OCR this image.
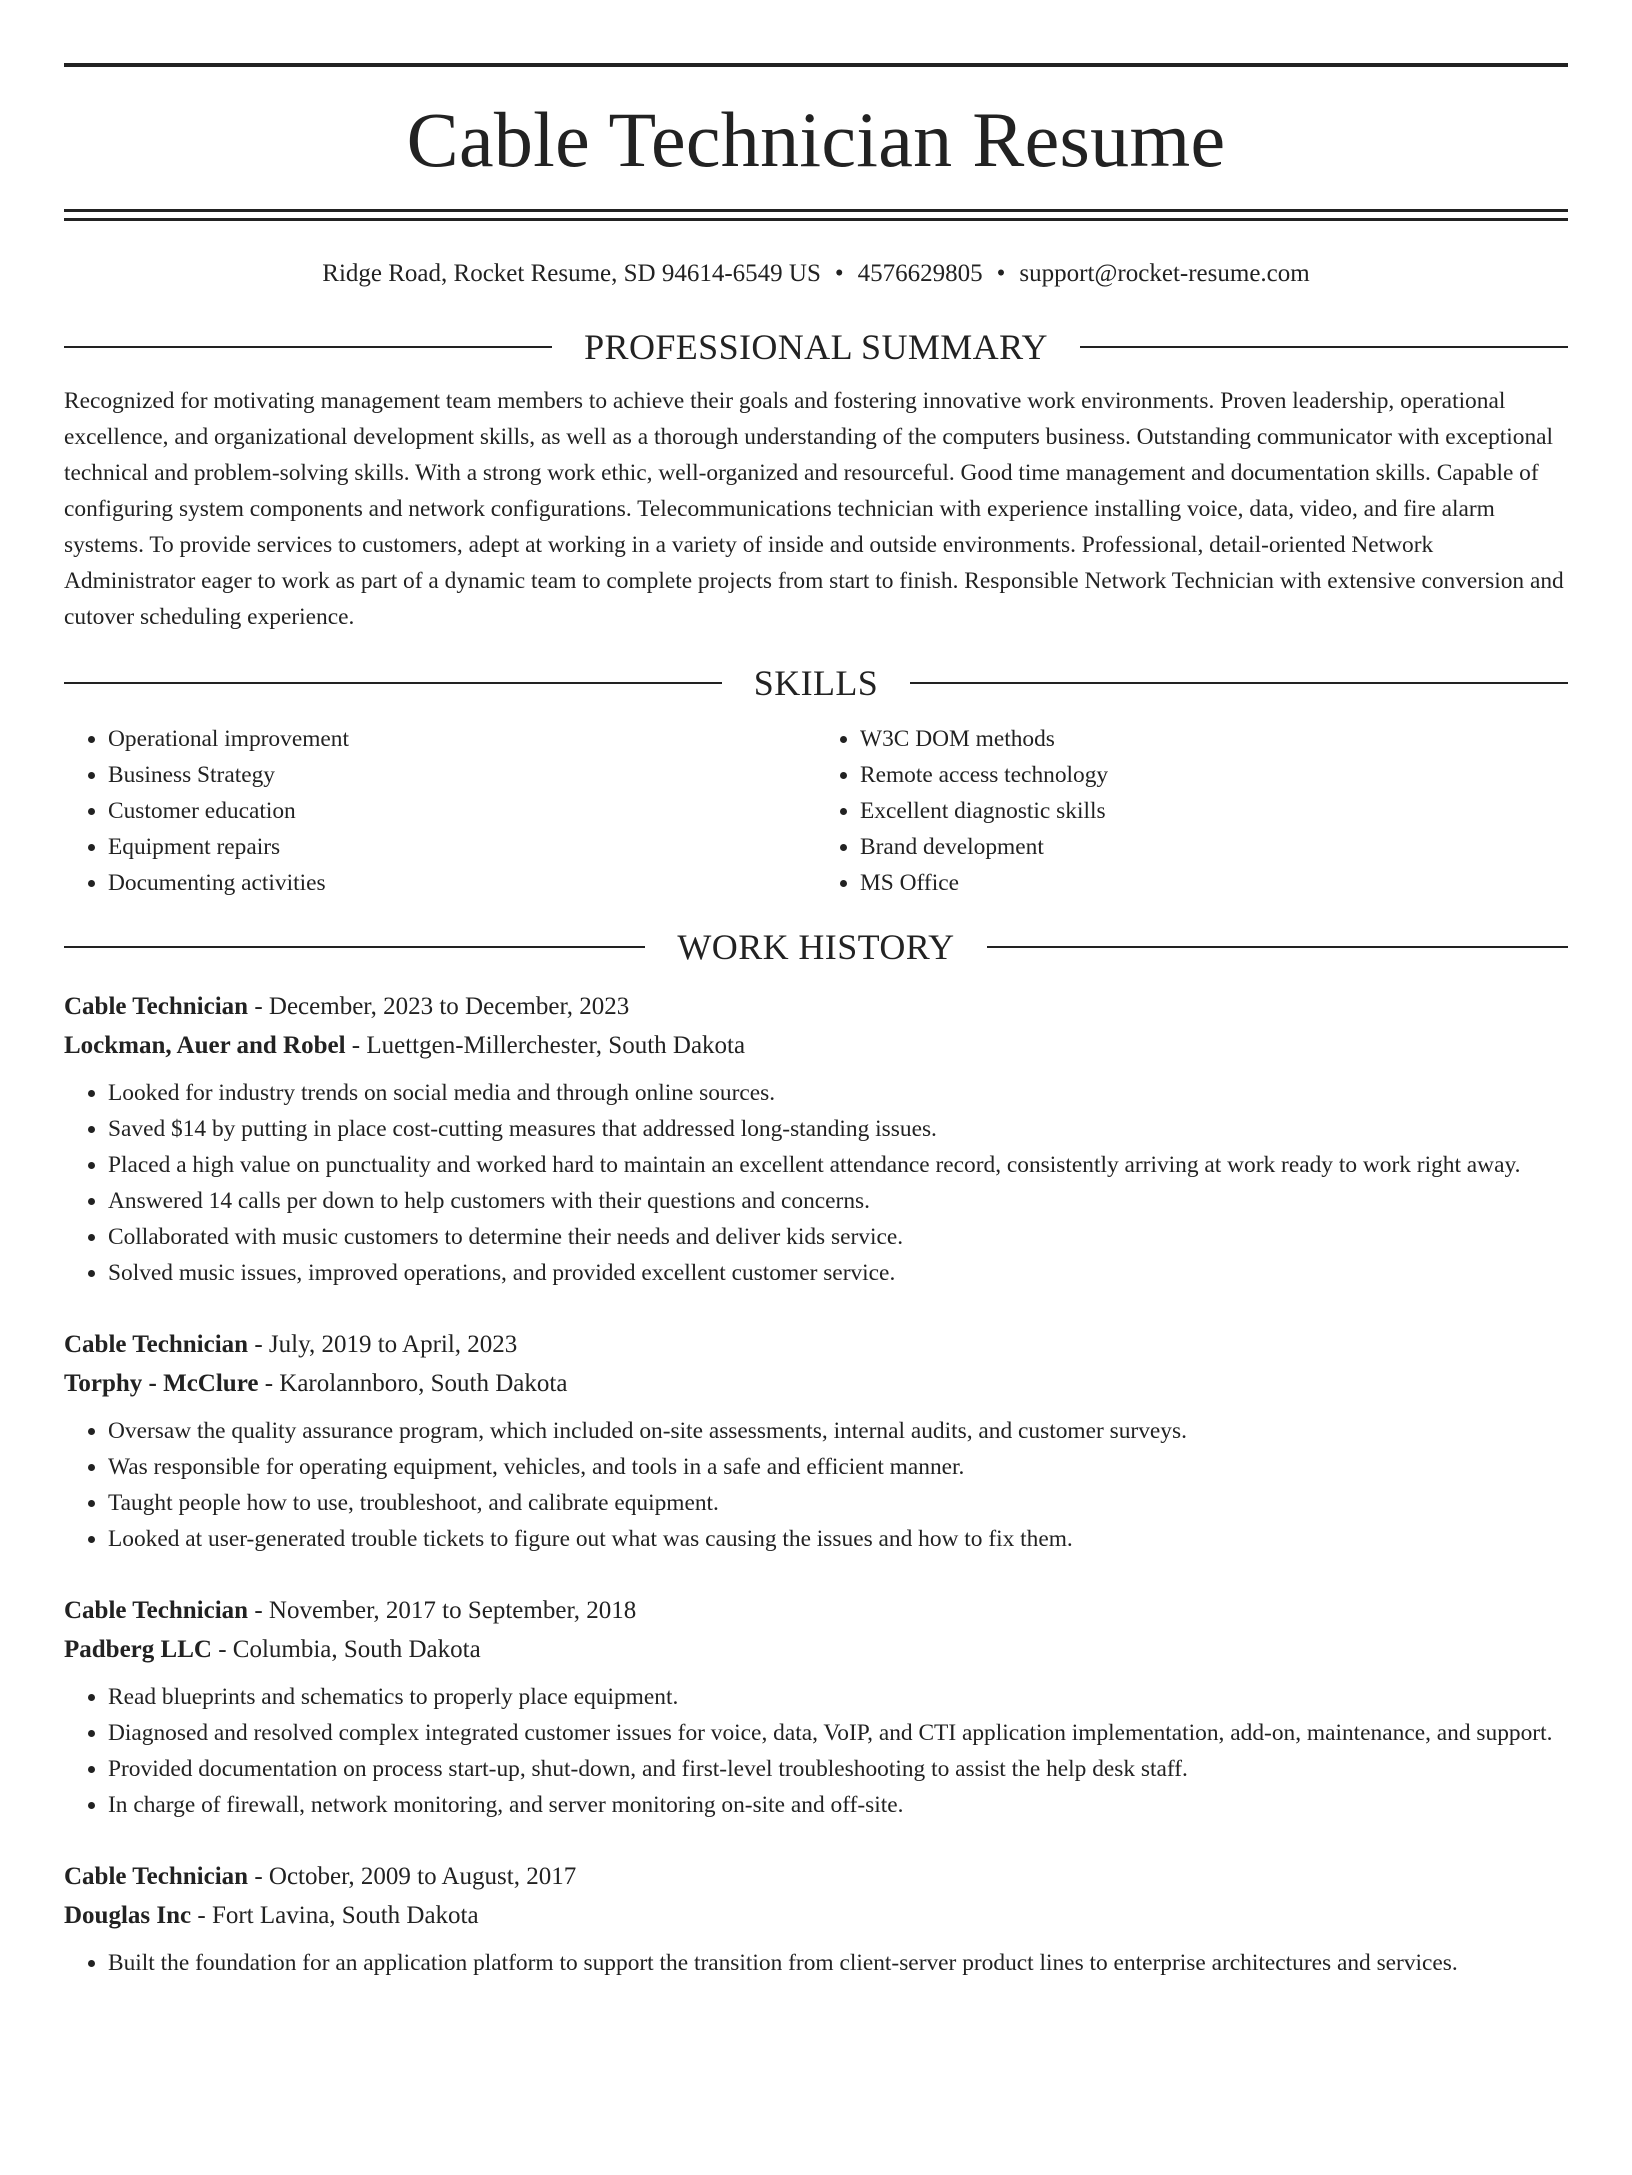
Cable Technician Resume
Ridge Road, Rocket Resume, SD 94614-6549 US • 4576629805 • support@rocket-resume.com
PROFESSIONAL SUMMARY

Recognized for motivating management team members to achieve their goals and fostering innovative work environments. Proven leadership, operational excellence, and organizational development skills, as well as a thorough understanding of the computers business. Outstanding communicator with exceptional technical and problem-solving skills. With a strong work ethic, well-organized and resourceful. Good time management and documentation skills. Capable of configuring system components and network configurations. Telecommunications technician with experience installing voice, data, video, and fire alarm systems. To provide services to customers, adept at working in a variety of inside and outside environments. Professional, detail-oriented Network Administrator eager to work as part of a dynamic team to complete projects from start to finish. Responsible Network Technician with extensive conversion and cutover scheduling experience.

SKILLS
• Operational improvement
• Business Strategy
• Customer education
• Equipment repairs
• Documenting activities
• W3C DOM methods
• Remote access technology
• Excellent diagnostic skills
• Brand development
• MS Office
WORK HISTORY
Cable Technician - December, 2023 to December, 2023
Lockman, Auer and Robel - Luettgen-Millerchester, South Dakota
• Looked for industry trends on social media and through online sources.
• Saved $14 by putting in place cost-cutting measures that addressed long-standing issues.
• Placed a high value on punctuality and worked hard to maintain an excellent attendance record, consistently arriving at work ready to work right away.
• Answered 14 calls per down to help customers with their questions and concerns.
• Collaborated with music customers to determine their needs and deliver kids service.
• Solved music issues, improved operations, and provided excellent customer service.
Cable Technician - July, 2019 to April, 2023
Torphy - McClure - Karolannboro, South Dakota
• Oversaw the quality assurance program, which included on-site assessments, internal audits, and customer surveys.
• Was responsible for operating equipment, vehicles, and tools in a safe and efficient manner.
• Taught people how to use, troubleshoot, and calibrate equipment.
• Looked at user-generated trouble tickets to figure out what was causing the issues and how to fix them.
Cable Technician - November, 2017 to September, 2018
Padberg LLC - Columbia, South Dakota
• Read blueprints and schematics to properly place equipment.
• Diagnosed and resolved complex integrated customer issues for voice, data, VoIP, and CTI application implementation, add-on, maintenance, and support.
• Provided documentation on process start-up, shut-down, and first-level troubleshooting to assist the help desk staff.
• In charge of firewall, network monitoring, and server monitoring on-site and off-site.
Cable Technician - October, 2009 to August, 2017
Douglas Inc - Fort Lavina, South Dakota
• Built the foundation for an application platform to support the transition from client-server product lines to enterprise architectures and services.
